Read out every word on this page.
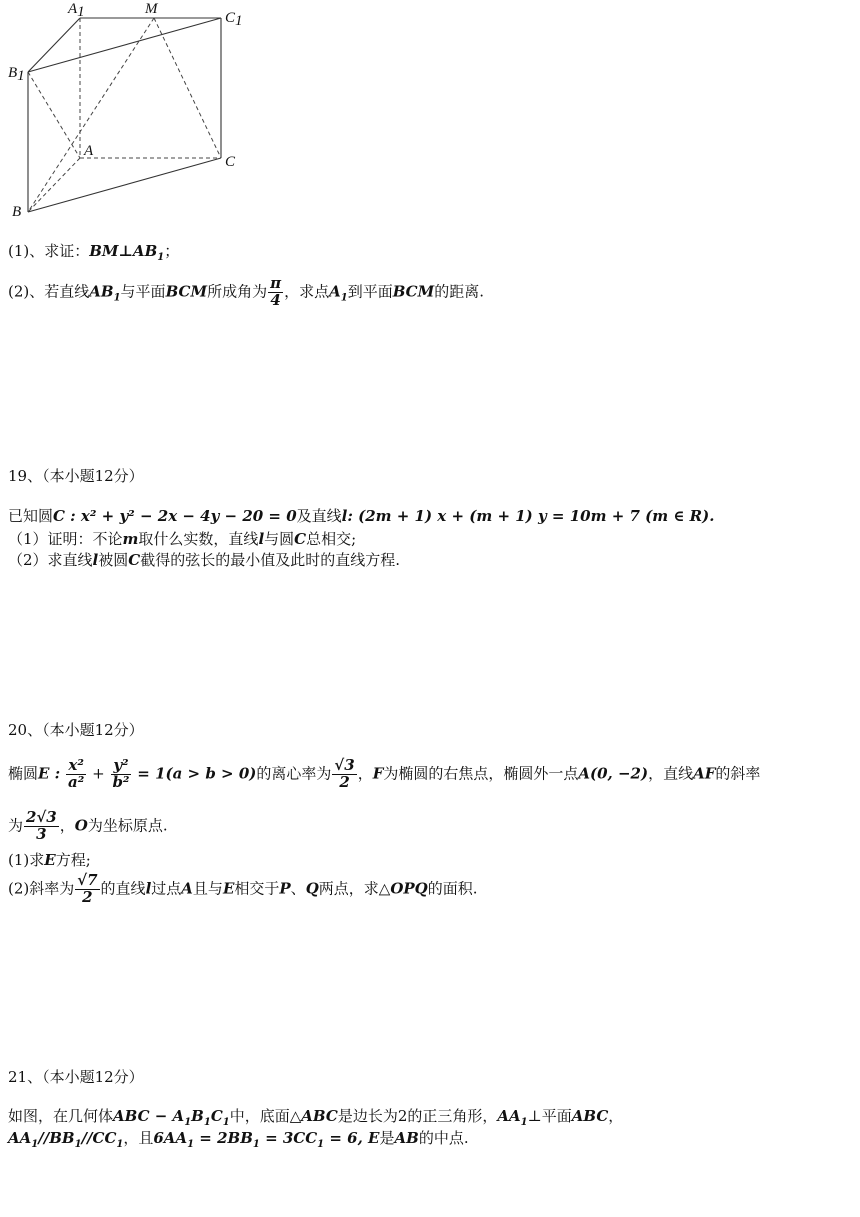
A1	M
C1
B1
A
C
B
(1)、求证：$BM\perp AB_1$；
(2)、若直线$AB_1$与平面BCM所成角为 $\frac{\pi}{4}$ ，求点$A_1$到平面BCM的距离.
19、（本小题12分）
已知圆C : x² + y² − 2x − 4y − 20 = 0及直线l: (2m + 1) x + (m + 1) y = 10m + 7 (m ∈ R).
（1）证明：不论m取什么实数，直线l与圆C总相交;
（2）求直线l被圆C截得的弦长的最小值及此时的直线方程.
20、（本小题12分）
椭圆E : $\frac{\text{x²}}{\text{a²}} + \frac{\text{y²}}{\text{b²}} = 1(a > b > 0)$的离心率为 $\frac{√3}{2}$ ，F为椭圆的右焦点，椭圆外一点A(0, −2)，直线AF的斜率
为 $\frac{2√3}{3}$ ，O为坐标原点.
(1)求E方程;
(2)斜率为 $\frac{√7}{2}$ 的直线l过点A且与E相交于P、Q两点，求△OPQ的面积.
21、（本小题12分）
如图，在几何体ABC − $A_1B_1C_1$中，底面△ABC是边长为2的正三角形，$AA_1\perp$平面ABC，
$AA_1//BB_1//CC_1$，且$6AA_1 = 2BB_1 = 3CC_1 = 6$, E是AB的中点.
